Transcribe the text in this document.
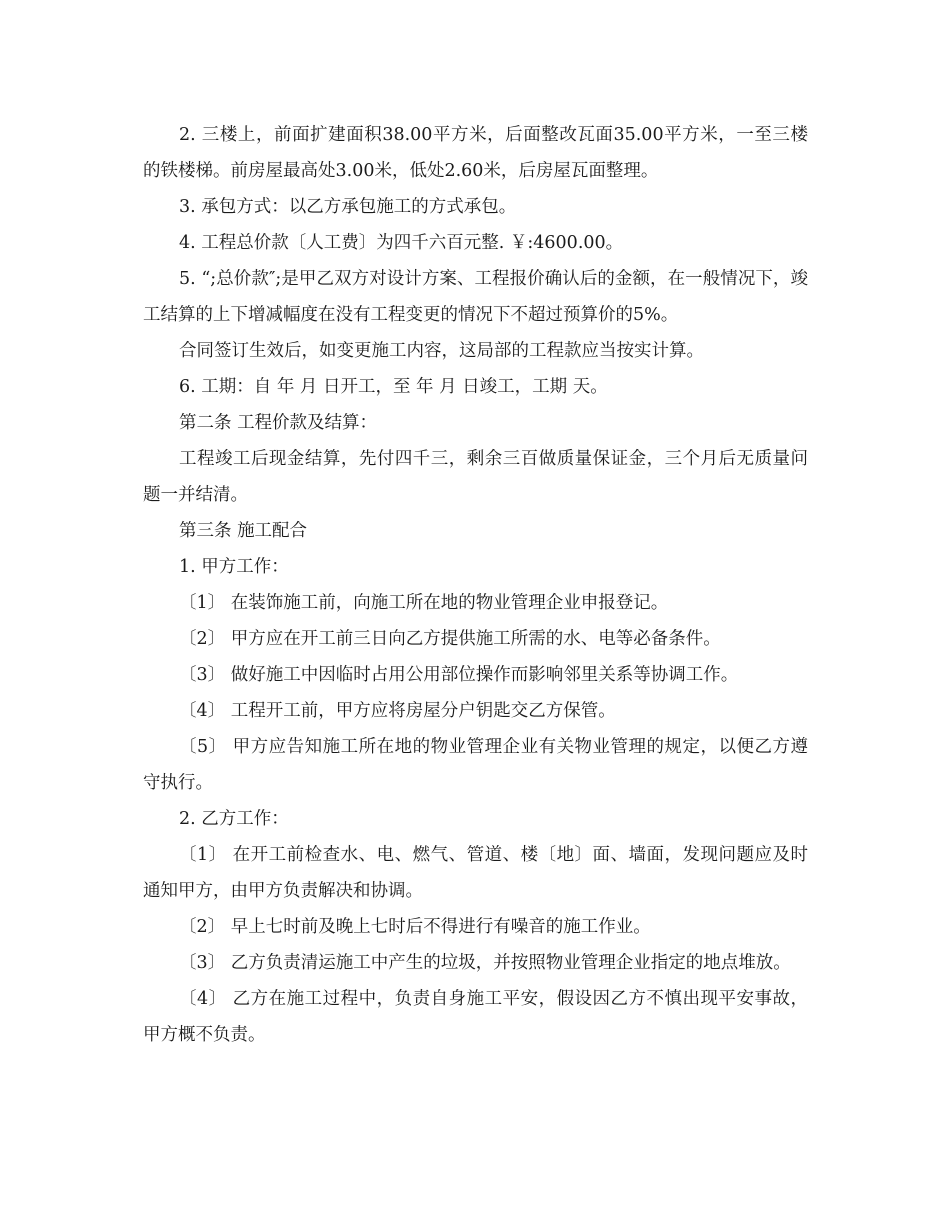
2. 三楼上，前面扩建面积38.00平方米，后面整改瓦面35.00平方米，一至三楼的铁楼梯。前房屋最高处3.00米，低处2.60米，后房屋瓦面整理。

3. 承包方式：以乙方承包施工的方式承包。

4. 工程总价款〔人工费〕为四千六百元整. ￥:4600.00。

5. “;总价款″;是甲乙双方对设计方案、工程报价确认后的金额，在一般情况下，竣工结算的上下增减幅度在没有工程变更的情况下不超过预算价的5%。

合同签订生效后，如变更施工内容，这局部的工程款应当按实计算。

6. 工期：自 年 月 日开工，至 年 月 日竣工，工期 天。

第二条 工程价款及结算：

工程竣工后现金结算，先付四千三，剩余三百做质量保证金，三个月后无质量问题一并结清。

第三条 施工配合

1. 甲方工作：

〔1〕 在装饰施工前，向施工所在地的物业管理企业申报登记。

〔2〕 甲方应在开工前三日向乙方提供施工所需的水、电等必备条件。

〔3〕 做好施工中因临时占用公用部位操作而影响邻里关系等协调工作。

〔4〕 工程开工前，甲方应将房屋分户钥匙交乙方保管。

〔5〕 甲方应告知施工所在地的物业管理企业有关物业管理的规定，以便乙方遵守执行。

2. 乙方工作：

〔1〕 在开工前检查水、电、燃气、管道、楼〔地〕面、墙面，发现问题应及时通知甲方，由甲方负责解决和协调。

〔2〕 早上七时前及晚上七时后不得进行有噪音的施工作业。

〔3〕 乙方负责清运施工中产生的垃圾，并按照物业管理企业指定的地点堆放。

〔4〕 乙方在施工过程中，负责自身施工平安，假设因乙方不慎出现平安事故，甲方概不负责。
